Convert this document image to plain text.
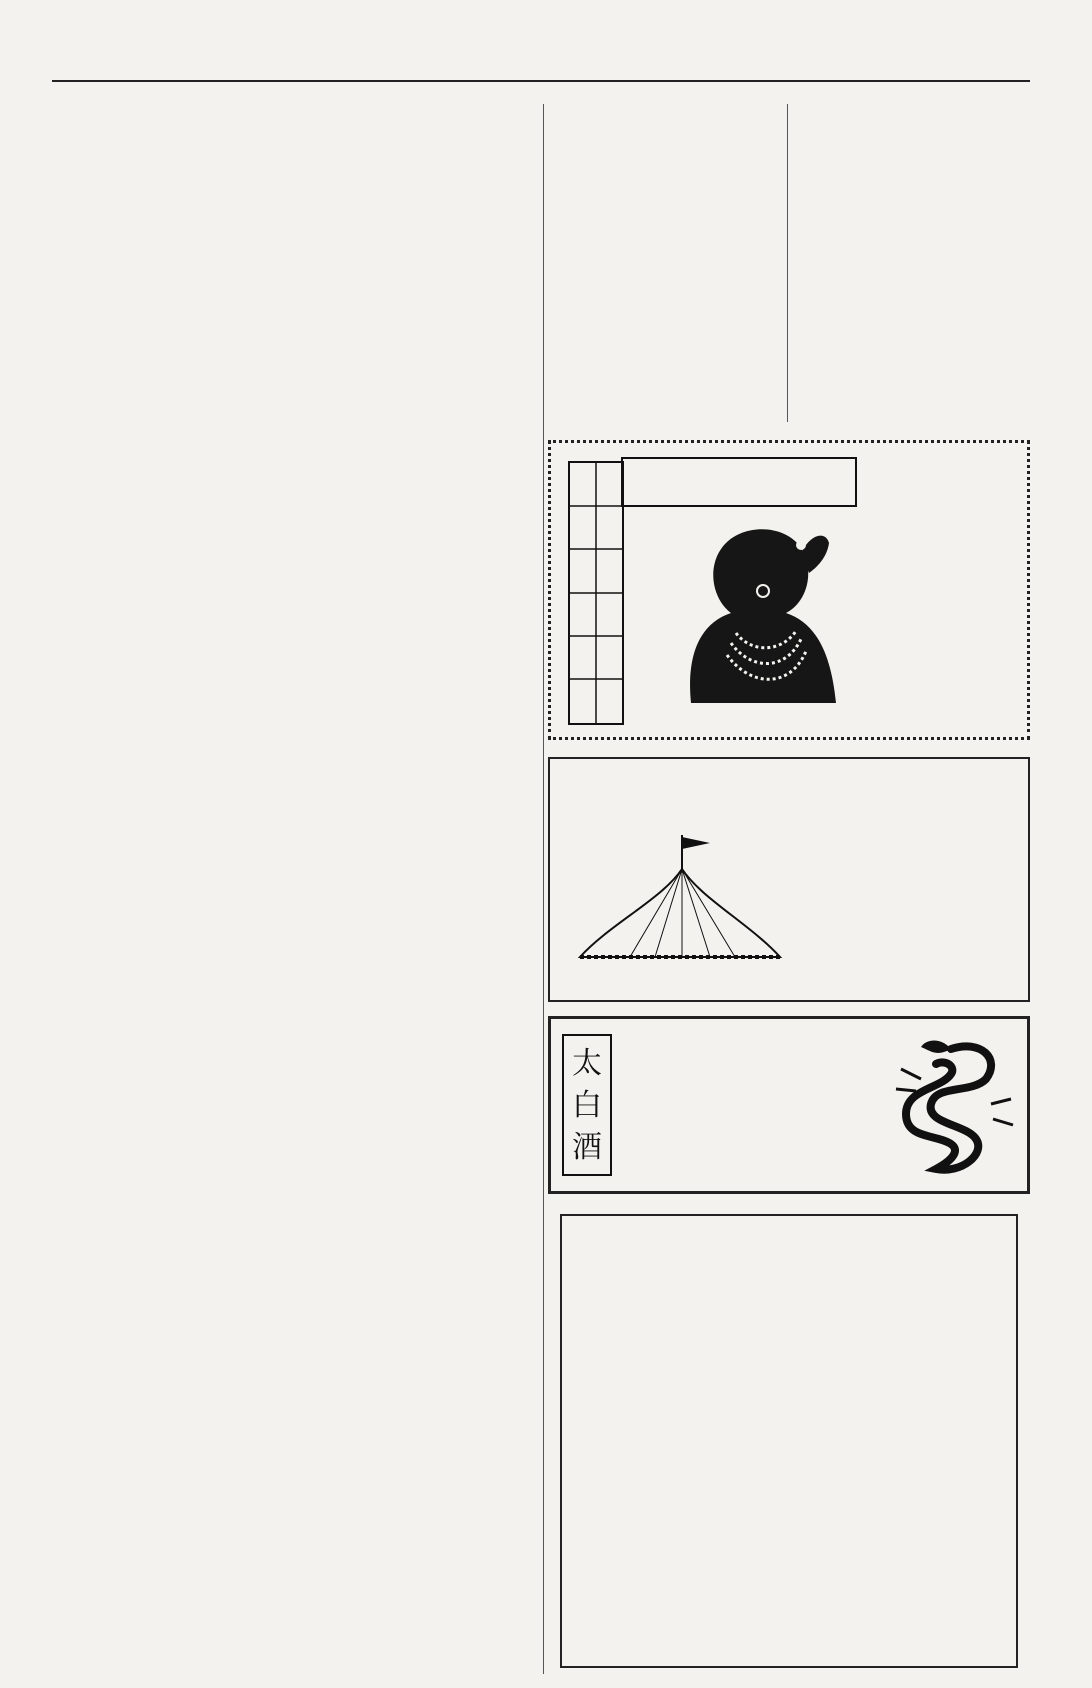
太
白
酒
